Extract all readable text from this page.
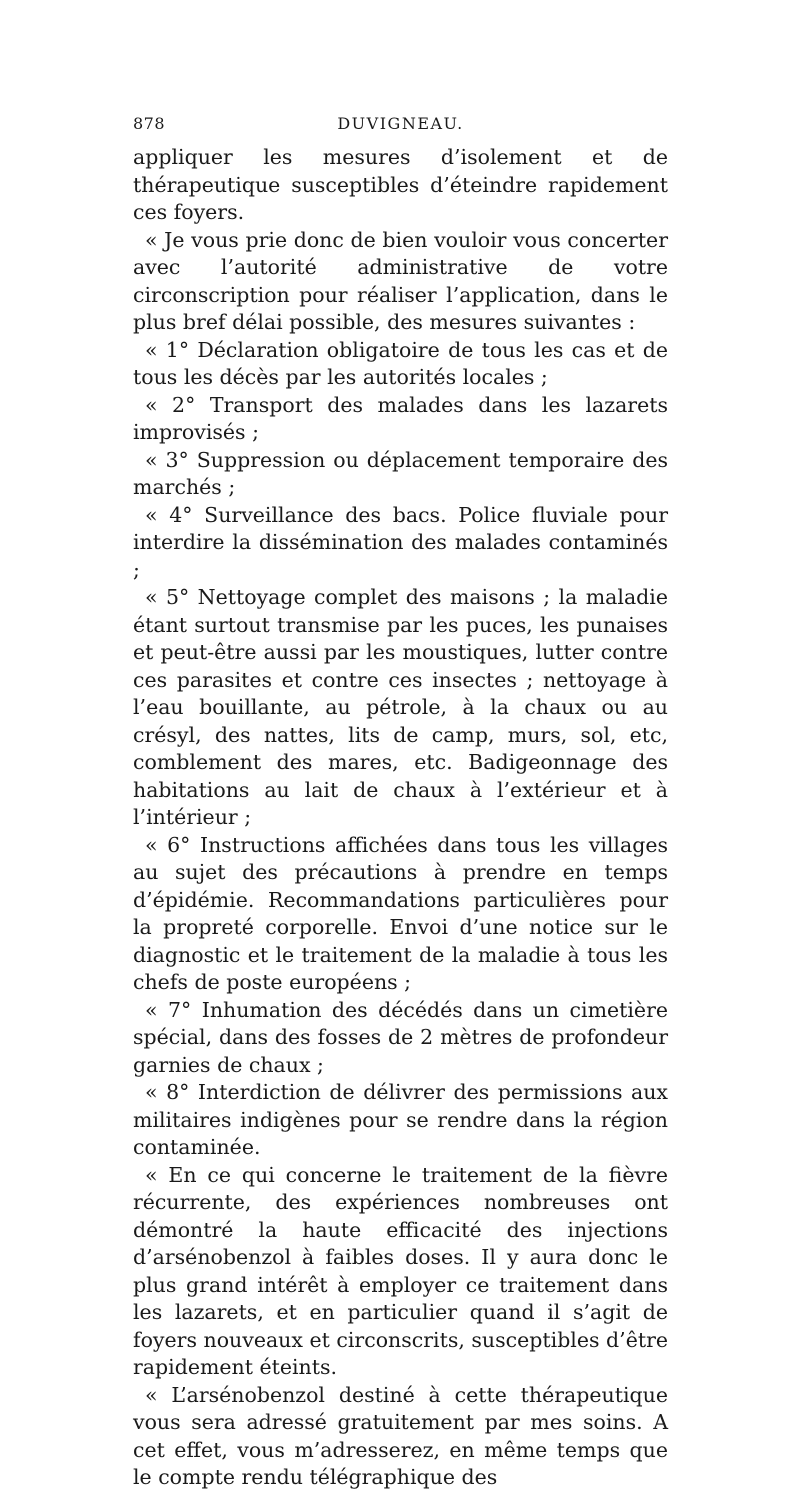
878	DUVIGNEAU.

appliquer les mesures d’isolement et de thérapeutique susceptibles d’éteindre rapidement ces foyers.

« Je vous prie donc de bien vouloir vous concerter avec l’autorité administrative de votre circonscription pour réaliser l’application, dans le plus bref délai possible, des mesures suivantes :

« 1° Déclaration obligatoire de tous les cas et de tous les décès par les autorités locales ;

« 2° Transport des malades dans les lazarets improvisés ;

« 3° Suppression ou déplacement temporaire des marchés ;

« 4° Surveillance des bacs. Police fluviale pour interdire la dissémination des malades contaminés ;

« 5° Nettoyage complet des maisons ; la maladie étant surtout transmise par les puces, les punaises et peut-être aussi par les moustiques, lutter contre ces parasites et contre ces insectes ; nettoyage à l’eau bouillante, au pétrole, à la chaux ou au crésyl, des nattes, lits de camp, murs, sol, etc, comblement des mares, etc. Badigeonnage des habitations au lait de chaux à l’extérieur et à l’intérieur ;

« 6° Instructions affichées dans tous les villages au sujet des précautions à prendre en temps d’épidémie. Recommandations particulières pour la propreté corporelle. Envoi d’une notice sur le diagnostic et le traitement de la maladie à tous les chefs de poste européens ;

« 7° Inhumation des décédés dans un cimetière spécial, dans des fosses de 2 mètres de profondeur garnies de chaux ;

« 8° Interdiction de délivrer des permissions aux militaires indigènes pour se rendre dans la région contaminée.

« En ce qui concerne le traitement de la fièvre récurrente, des expériences nombreuses ont démontré la haute efficacité des injections d’arsénobenzol à faibles doses. Il y aura donc le plus grand intérêt à employer ce traitement dans les lazarets, et en particulier quand il s’agit de foyers nouveaux et circonscrits, susceptibles d’être rapidement éteints.

« L’arsénobenzol destiné à cette thérapeutique vous sera adressé gratuitement par mes soins. A cet effet, vous m’adresserez, en même temps que le compte rendu télégraphique des
